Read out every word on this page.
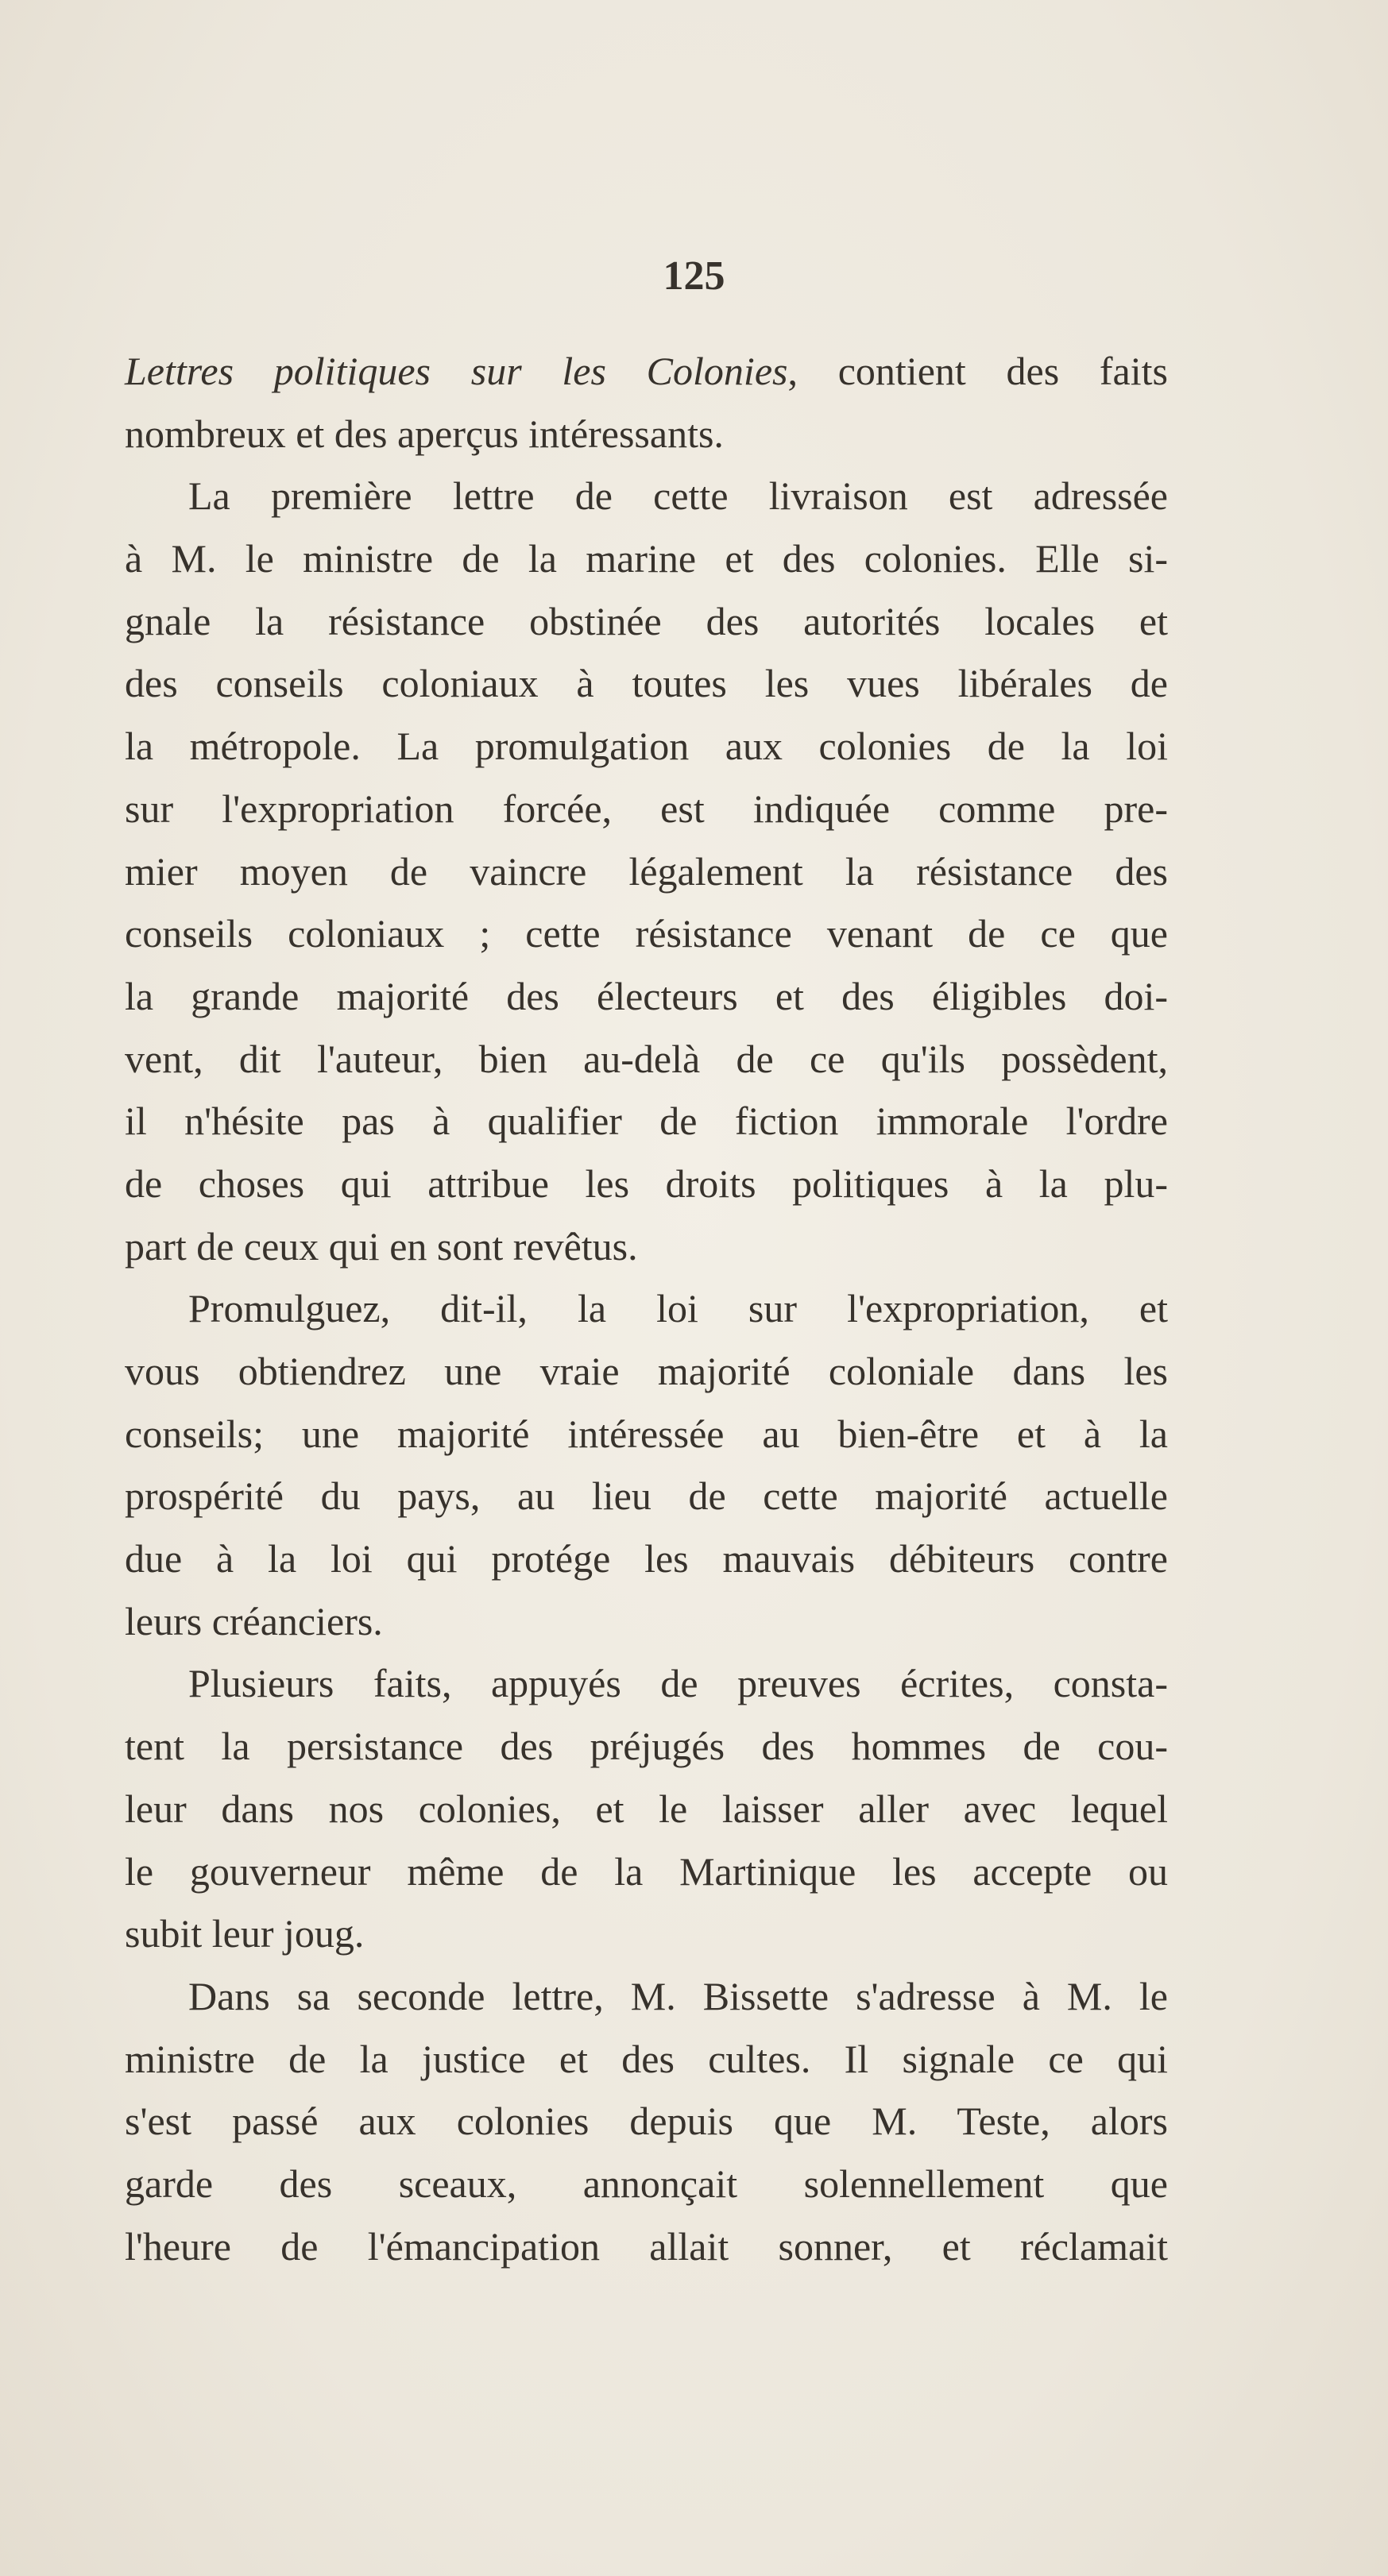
125
Lettres politiques sur les Colonies, contient des faits
nombreux et des aperçus intéressants.
La première lettre de cette livraison est adressée
à M. le ministre de la marine et des colonies. Elle si-
gnale la résistance obstinée des autorités locales et
des conseils coloniaux à toutes les vues libérales de
la métropole. La promulgation aux colonies de la loi
sur l'expropriation forcée, est indiquée comme pre-
mier moyen de vaincre légalement la résistance des
conseils coloniaux ; cette résistance venant de ce que
la grande majorité des électeurs et des éligibles doi-
vent, dit l'auteur, bien au-delà de ce qu'ils possèdent,
il n'hésite pas à qualifier de fiction immorale l'ordre
de choses qui attribue les droits politiques à la plu-
part de ceux qui en sont revêtus.
Promulguez, dit-il, la loi sur l'expropriation, et
vous obtiendrez une vraie majorité coloniale dans les
conseils; une majorité intéressée au bien-être et à la
prospérité du pays, au lieu de cette majorité actuelle
due à la loi qui protége les mauvais débiteurs contre
leurs créanciers.
Plusieurs faits, appuyés de preuves écrites, consta-
tent la persistance des préjugés des hommes de cou-
leur dans nos colonies, et le laisser aller avec lequel
le gouverneur même de la Martinique les accepte ou
subit leur joug.
Dans sa seconde lettre, M. Bissette s'adresse à M. le
ministre de la justice et des cultes. Il signale ce qui
s'est passé aux colonies depuis que M. Teste, alors
garde des sceaux, annonçait solennellement que
l'heure de l'émancipation allait sonner, et réclamait
